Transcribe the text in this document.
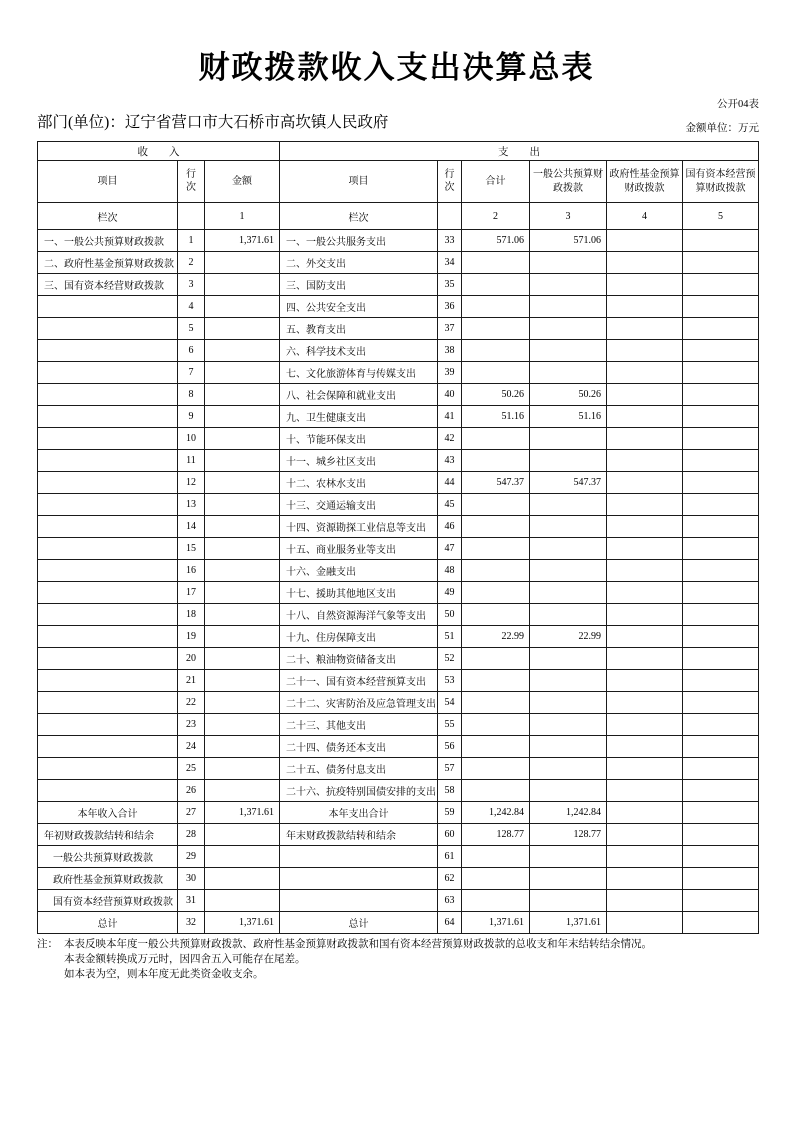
财政拨款收入支出决算总表
公开04表
部门(单位)：辽宁省营口市大石桥市高坎镇人民政府	金额单位：万元
收　　入			支　　出					
项目	行次	金额	项目	行次	合计	一般公共预算财政拨款	政府性基金预算财政拨款	国有资本经营预算财政拨款
栏次		1	栏次		2	3	4	5
一、一般公共预算财政拨款	1	1,371.61	一、一般公共服务支出	33	571.06	571.06		
二、政府性基金预算财政拨款	2		二、外交支出	34				
三、国有资本经营财政拨款	3		三、国防支出	35				
	4		四、公共安全支出	36				
	5		五、教育支出	37				
	6		六、科学技术支出	38				
	7		七、文化旅游体育与传媒支出	39				
	8		八、社会保障和就业支出	40	50.26	50.26		
	9		九、卫生健康支出	41	51.16	51.16		
	10		十、节能环保支出	42				
	11		十一、城乡社区支出	43				
	12		十二、农林水支出	44	547.37	547.37		
	13		十三、交通运输支出	45				
	14		十四、资源勘探工业信息等支出	46				
	15		十五、商业服务业等支出	47				
	16		十六、金融支出	48				
	17		十七、援助其他地区支出	49				
	18		十八、自然资源海洋气象等支出	50				
	19		十九、住房保障支出	51	22.99	22.99		
	20		二十、粮油物资储备支出	52				
	21		二十一、国有资本经营预算支出	53				
	22		二十二、灾害防治及应急管理支出	54				
	23		二十三、其他支出	55				
	24		二十四、债务还本支出	56				
	25		二十五、债务付息支出	57				
	26		二十六、抗疫特别国债安排的支出	58				
本年收入合计	27	1,371.61	本年支出合计	59	1,242.84	1,242.84		
年初财政拨款结转和结余	28		年末财政拨款结转和结余	60	128.77	128.77		
一般公共预算财政拨款	29			61				
政府性基金预算财政拨款	30			62				
国有资本经营预算财政拨款	31			63				
总计	32	1,371.61	总计	64	1,371.61	1,371.61		
注： 本表反映本年度一般公共预算财政拨款、政府性基金预算财政拨款和国有资本经营预算财政拨款的总收支和年末结转结余情况。
本表金额转换成万元时，因四舍五入可能存在尾差。
如本表为空，则本年度无此类资金收支余。
